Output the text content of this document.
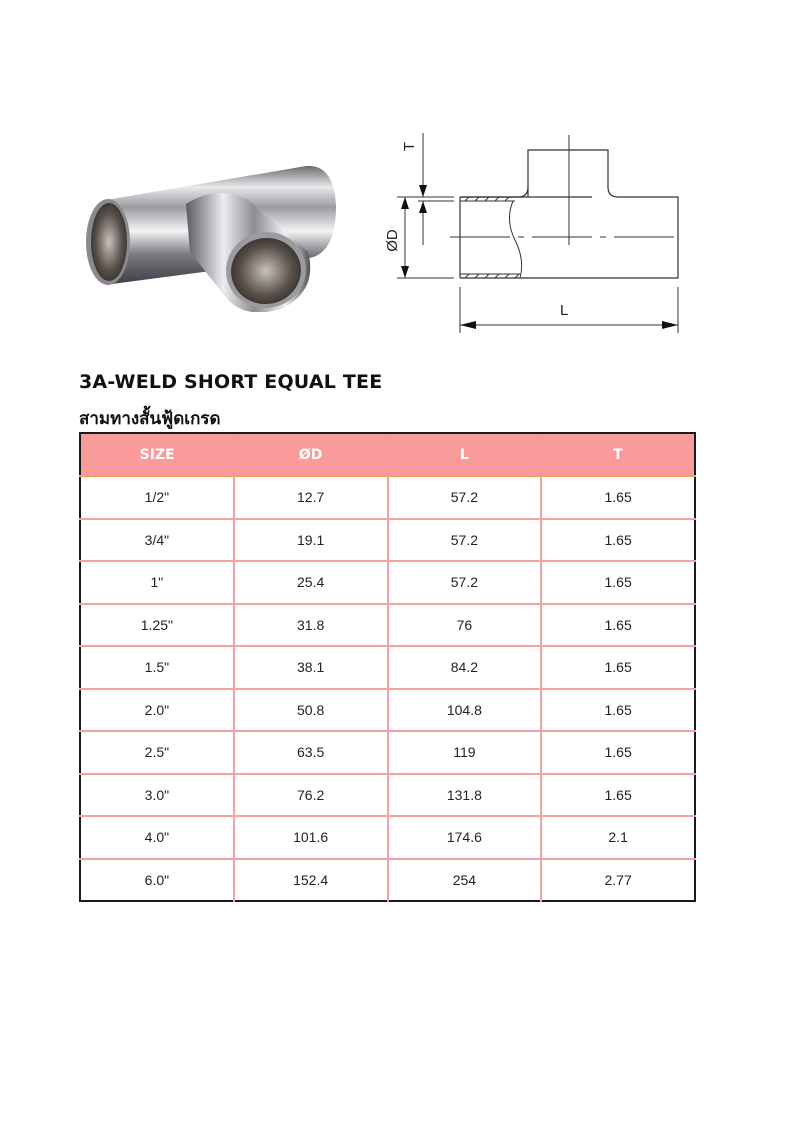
T
ØD
L
3A-WELD SHORT EQUAL TEE
สามทางสั้นฟู้ดเกรด
SIZE	ØD	L	T
1/2"	12.7	57.2	1.65
3/4"	19.1	57.2	1.65
1"	25.4	57.2	1.65
1.25"	31.8	76	1.65
1.5"	38.1	84.2	1.65
2.0"	50.8	104.8	1.65
2.5"	63.5	119	1.65
3.0"	76.2	131.8	1.65
4.0"	101.6	174.6	2.1
6.0"	152.4	254	2.77
